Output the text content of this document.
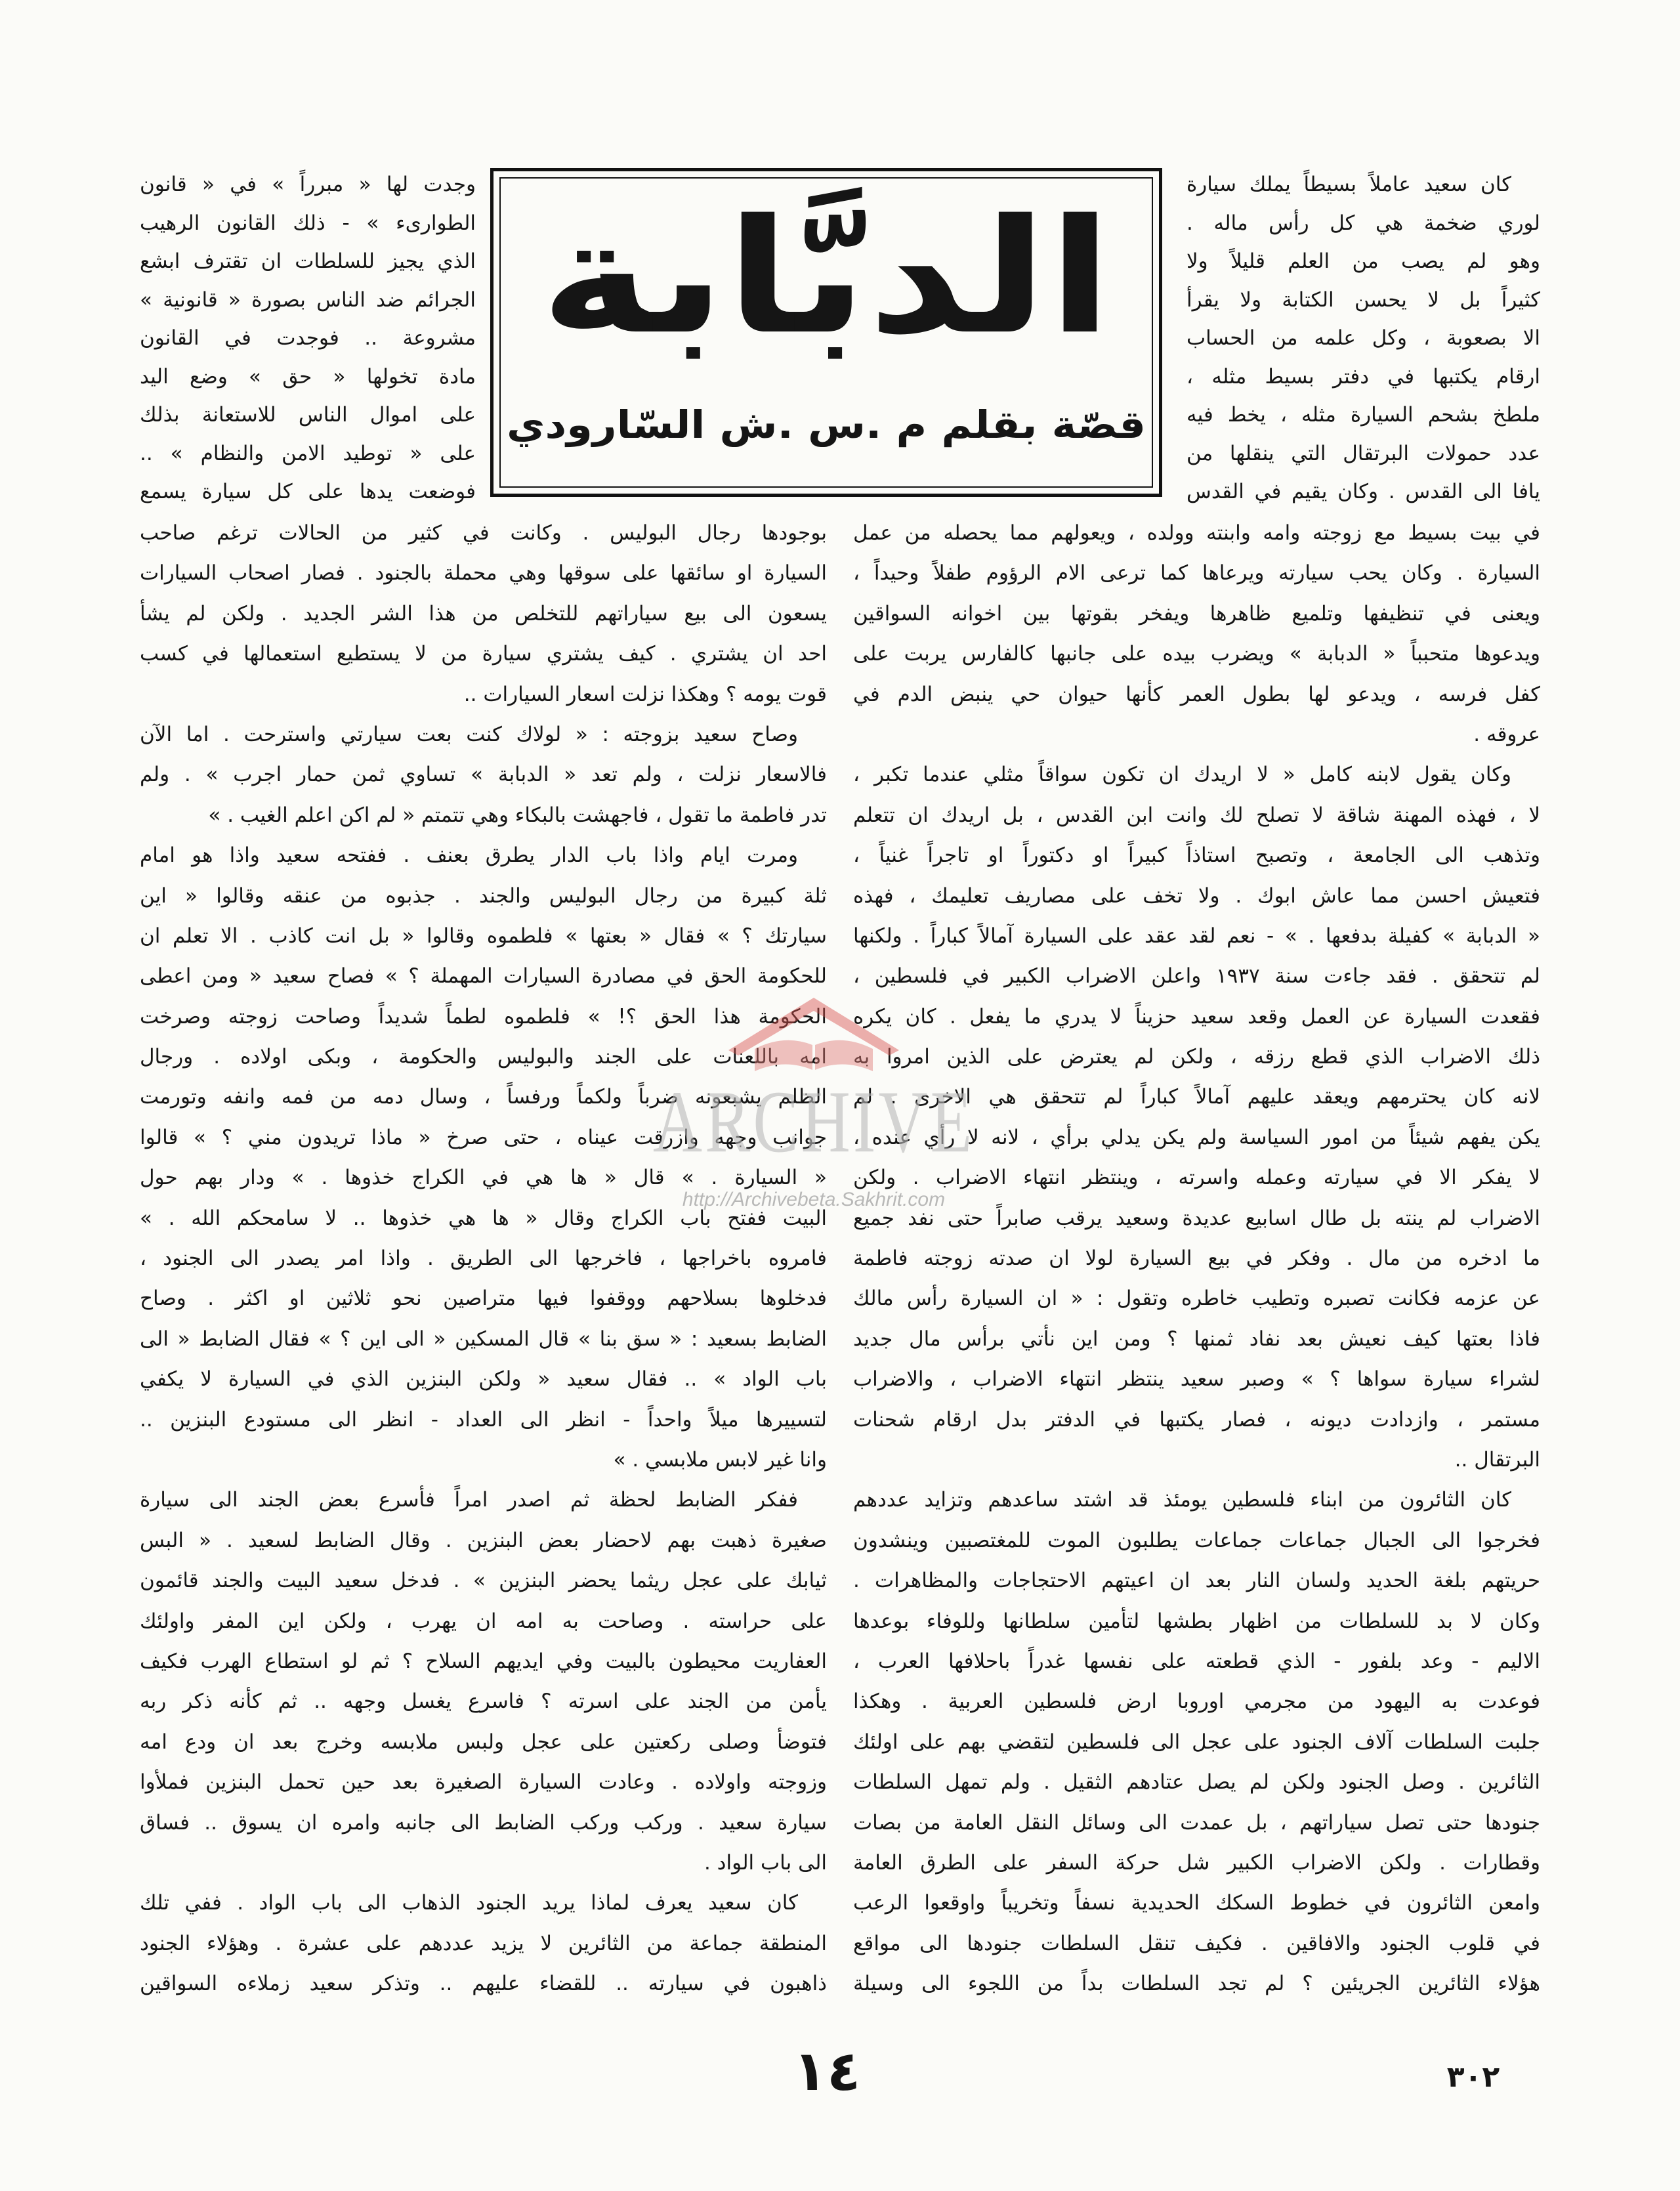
الدبَّابة
قصّة بقلم م .س .ش السّارودي
كان سعيد عاملاً بسيطاً يملك سيارة
لوري ضخمة هي كل رأس ماله .
وهو لم يصب من العلم قليلاً ولا
كثيراً بل لا يحسن الكتابة ولا يقرأ
الا بصعوبة ، وكل علمه من الحساب
ارقام يكتبها في دفتر بسيط مثله ،
ملطخ بشحم السيارة مثله ، يخط فيه
عدد حمولات البرتقال التي ينقلها من
يافا الى القدس . وكان يقيم في القدس
في بيت بسيط مع زوجته وامه وابنته وولده ، ويعولهم مما يحصله من عمل
السيارة . وكان يحب سيارته ويرعاها كما ترعى الام الرؤوم طفلاً وحيداً ،
ويعنى في تنظيفها وتلميع ظاهرها ويفخر بقوتها بين اخوانه السواقين
ويدعوها متحبباً « الدبابة » ويضرب بيده على جانبها كالفارس يربت على
كفل فرسه ، ويدعو لها بطول العمر كأنها حيوان حي ينبض الدم في
عروقه .
وكان يقول لابنه كامل « لا اريدك ان تكون سواقاً مثلي عندما تكبر ،
لا ، فهذه المهنة شاقة لا تصلح لك وانت ابن القدس ، بل اريدك ان تتعلم
وتذهب الى الجامعة ، وتصبح استاذاً كبيراً او دكتوراً او تاجراً غنياً ،
فتعيش احسن مما عاش ابوك . ولا تخف على مصاريف تعليمك ، فهذه
« الدبابة » كفيلة بدفعها . » - نعم لقد عقد على السيارة آمالاً كباراً . ولكنها
لم تتحقق . فقد جاءت سنة ١٩٣٧ واعلن الاضراب الكبير في فلسطين ،
فقعدت السيارة عن العمل وقعد سعيد حزيناً لا يدري ما يفعل . كان يكره
ذلك الاضراب الذي قطع رزقه ، ولكن لم يعترض على الذين امروا به
لانه كان يحترمهم ويعقد عليهم آمالاً كباراً لم تتحقق هي الاخرى . لم
يكن يفهم شيئاً من امور السياسة ولم يكن يدلي برأي ، لانه لا رأي عنده ،
لا يفكر الا في سيارته وعمله واسرته ، وينتظر انتهاء الاضراب . ولكن
الاضراب لم ينته بل طال اسابيع عديدة وسعيد يرقب صابراً حتى نفد جميع
ما ادخره من مال . وفكر في بيع السيارة لولا ان صدته زوجته فاطمة
عن عزمه فكانت تصبره وتطيب خاطره وتقول : « ان السيارة رأس مالك
فاذا بعتها كيف نعيش بعد نفاد ثمنها ؟ ومن اين نأتي برأس مال جديد
لشراء سيارة سواها ؟ » وصبر سعيد ينتظر انتهاء الاضراب ، والاضراب
مستمر ، وازدادت ديونه ، فصار يكتبها في الدفتر بدل ارقام شحنات
البرتقال ..
كان الثائرون من ابناء فلسطين يومئذ قد اشتد ساعدهم وتزايد عددهم
فخرجوا الى الجبال جماعات جماعات يطلبون الموت للمغتصبين وينشدون
حريتهم بلغة الحديد ولسان النار بعد ان اعيتهم الاحتجاجات والمظاهرات .
وكان لا بد للسلطات من اظهار بطشها لتأمين سلطانها وللوفاء بوعدها
الاليم - وعد بلفور - الذي قطعته على نفسها غدراً باحلافها العرب ،
فوعدت به اليهود من مجرمي اوروبا ارض فلسطين العربية . وهكذا
جلبت السلطات آلاف الجنود على عجل الى فلسطين لتقضي بهم على اولئك
الثائرين . وصل الجنود ولكن لم يصل عتادهم الثقيل . ولم تمهل السلطات
جنودها حتى تصل سياراتهم ، بل عمدت الى وسائل النقل العامة من بصات
وقطارات . ولكن الاضراب الكبير شل حركة السفر على الطرق العامة
وامعن الثائرون في خطوط السكك الحديدية نسفاً وتخريباً واوقعوا الرعب
في قلوب الجنود والافاقين . فكيف تنقل السلطات جنودها الى مواقع
هؤلاء الثائرين الجريئين ؟ لم تجد السلطات بداً من اللجوء الى وسيلة
وجدت لها « مبرراً » في « قانون
الطوارىء » - ذلك القانون الرهيب
الذي يجيز للسلطات ان تقترف ابشع
الجرائم ضد الناس بصورة « قانونية »
مشروعة .. فوجدت في القانون
مادة تخولها « حق » وضع اليد
على اموال الناس للاستعانة بذلك
على « توطيد الامن والنظام » ..
فوضعت يدها على كل سيارة يسمع
بوجودها رجال البوليس . وكانت في كثير من الحالات ترغم صاحب
السيارة او سائقها على سوقها وهي محملة بالجنود . فصار اصحاب السيارات
يسعون الى بيع سياراتهم للتخلص من هذا الشر الجديد . ولكن لم يشأ
احد ان يشتري . كيف يشتري سيارة من لا يستطيع استعمالها في كسب
قوت يومه ؟ وهكذا نزلت اسعار السيارات ..
وصاح سعيد بزوجته : « لولاك كنت بعت سيارتي واسترحت . اما الآن
فالاسعار نزلت ، ولم تعد « الدبابة » تساوي ثمن حمار اجرب » . ولم
تدر فاطمة ما تقول ، فاجهشت بالبكاء وهي تتمتم « لم اكن اعلم الغيب . »
ومرت ايام واذا باب الدار يطرق بعنف . ففتحه سعيد واذا هو امام
ثلة كبيرة من رجال البوليس والجند . جذبوه من عنقه وقالوا « اين
سيارتك ؟ » فقال « بعتها » فلطموه وقالوا « بل انت كاذب . الا تعلم ان
للحكومة الحق في مصادرة السيارات المهملة ؟ » فصاح سعيد « ومن اعطى
الحكومة هذا الحق ؟! » فلطموه لطماً شديداً وصاحت زوجته وصرخت
امه باللعنات على الجند والبوليس والحكومة ، وبكى اولاده . ورجال
الظلم يشبعونه ضرباً ولكماً ورفساً ، وسال دمه من فمه وانفه وتورمت
جوانب وجهه وازرقت عيناه ، حتى صرخ « ماذا تريدون مني ؟ » قالوا
« السيارة . » قال « ها هي في الكراج خذوها . » ودار بهم حول
البيت ففتح باب الكراج وقال « ها هي خذوها .. لا سامحكم الله . »
فامروه باخراجها ، فاخرجها الى الطريق . واذا امر يصدر الى الجنود ،
فدخلوها بسلاحهم ووقفوا فيها متراصين نحو ثلاثين او اكثر . وصاح
الضابط بسعيد : « سق بنا » قال المسكين « الى اين ؟ » فقال الضابط « الى
باب الواد » .. فقال سعيد « ولكن البنزين الذي في السيارة لا يكفي
لتسييرها ميلاً واحداً - انظر الى العداد - انظر الى مستودع البنزين ..
وانا غير لابس ملابسي . »
ففكر الضابط لحظة ثم اصدر امراً فأسرع بعض الجند الى سيارة
صغيرة ذهبت بهم لاحضار بعض البنزين . وقال الضابط لسعيد . « البس
ثيابك على عجل ريثما يحضر البنزين » . فدخل سعيد البيت والجند قائمون
على حراسته . وصاحت به امه ان يهرب ، ولكن اين المفر واولئك
العفاريت محيطون بالبيت وفي ايديهم السلاح ؟ ثم لو استطاع الهرب فكيف
يأمن من الجند على اسرته ؟ فاسرع يغسل وجهه .. ثم كأنه ذكر ربه
فتوضأ وصلى ركعتين على عجل ولبس ملابسه وخرج بعد ان ودع امه
وزوجته واولاده . وعادت السيارة الصغيرة بعد حين تحمل البنزين فملأوا
سيارة سعيد . وركب وركب الضابط الى جانبه وامره ان يسوق .. فساق
الى باب الواد .
كان سعيد يعرف لماذا يريد الجنود الذهاب الى باب الواد . ففي تلك
المنطقة جماعة من الثائرين لا يزيد عددهم على عشرة . وهؤلاء الجنود
ذاهبون في سيارته .. للقضاء عليهم .. وتذكر سعيد زملاءه السواقين
١٤	٣٠٢
ARCHIVE
http://Archivebeta.Sakhrit.com
